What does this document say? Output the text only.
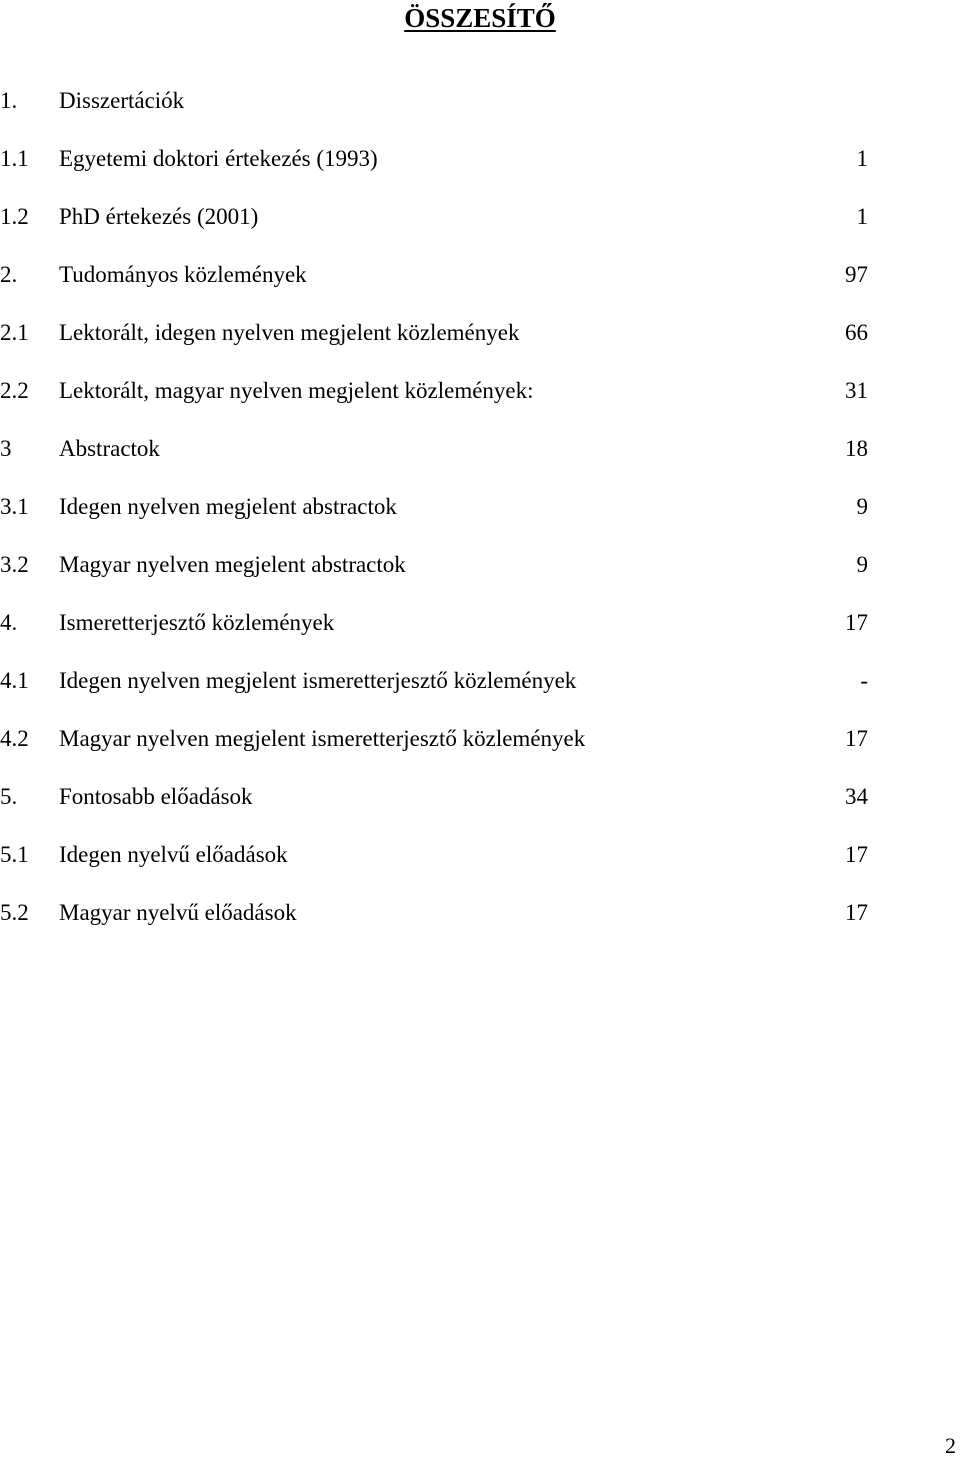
ÖSSZESÍTŐ
1. Disszertációk
1.1 Egyetemi doktori értekezés (1993)	1
1.2 PhD értekezés (2001)	1
2. Tudományos közlemények	97
2.1 Lektorált, idegen nyelven megjelent közlemények	66
2.2 Lektorált, magyar nyelven megjelent közlemények:	31
3 Abstractok	18
3.1 Idegen nyelven megjelent abstractok	9
3.2 Magyar nyelven megjelent abstractok	9
4. Ismeretterjesztő közlemények	17
4.1 Idegen nyelven megjelent ismeretterjesztő közlemények	-
4.2 Magyar nyelven megjelent ismeretterjesztő közlemények	17
5. Fontosabb előadások	34
5.1 Idegen nyelvű előadások	17
5.2 Magyar nyelvű előadások	17
2
